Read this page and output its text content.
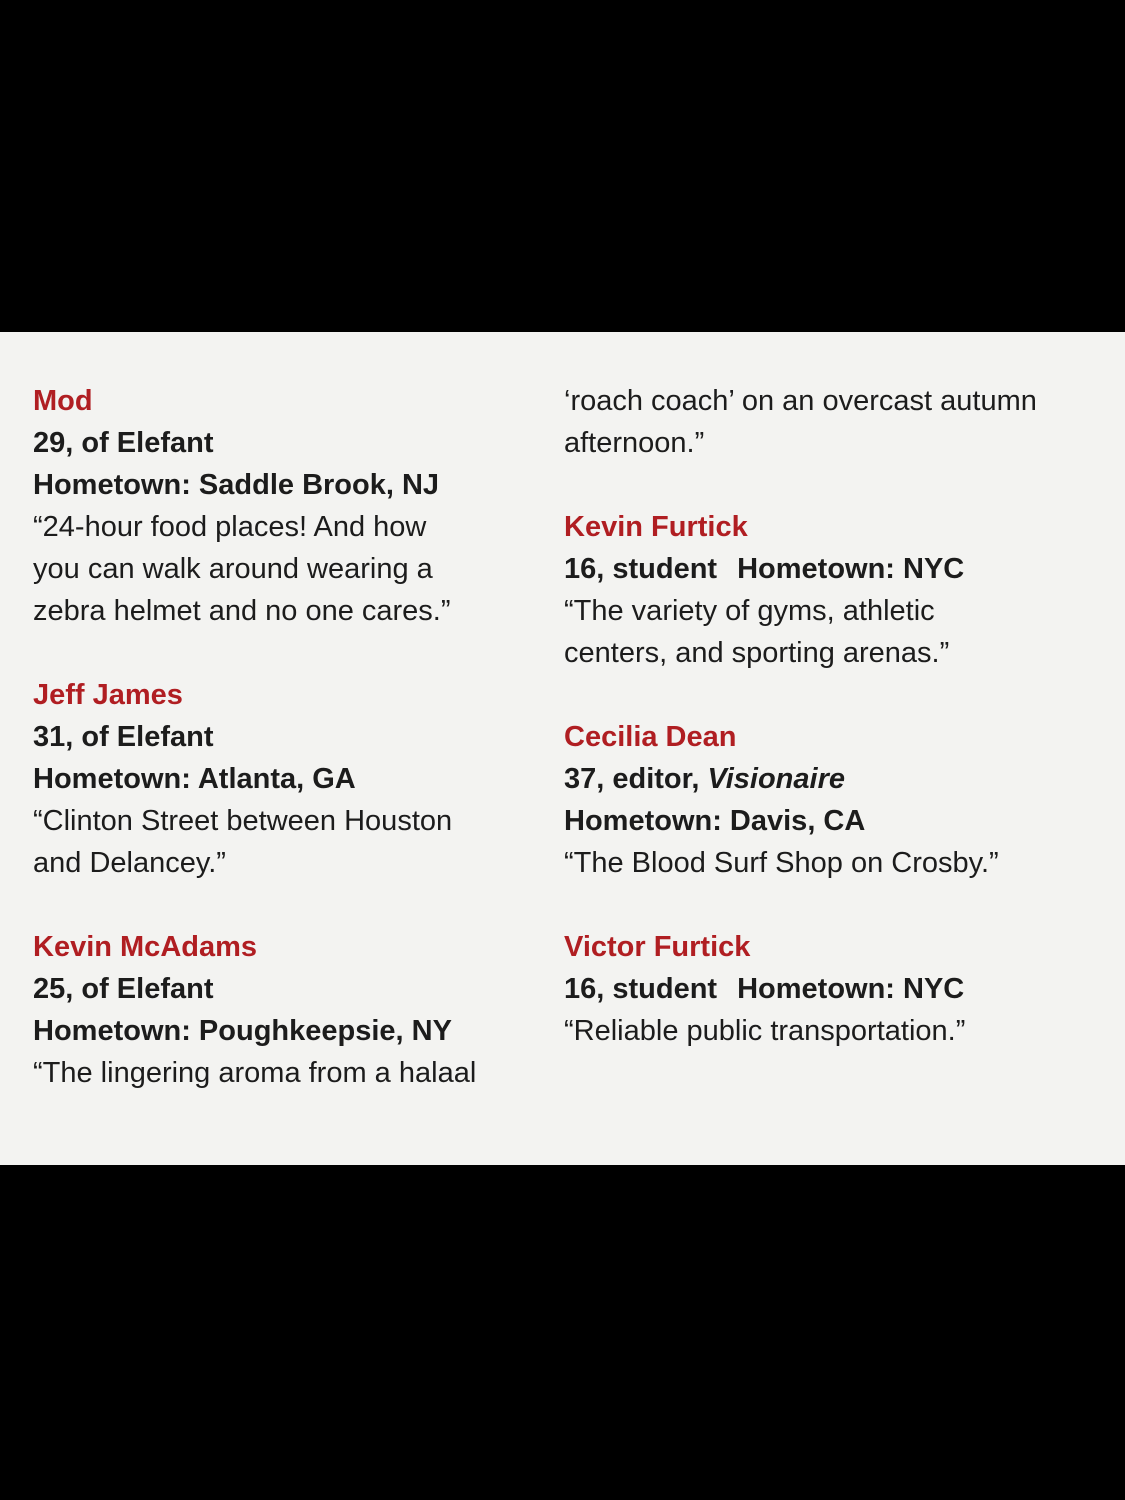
Mod
29, of Elefant
Hometown: Saddle Brook, NJ
“24-hour food places! And how
you can walk around wearing a
zebra helmet and no one cares.”
Jeff James
31, of Elefant
Hometown: Atlanta, GA
“Clinton Street between Houston
and Delancey.”
Kevin McAdams
25, of Elefant
Hometown: Poughkeepsie, NY
“The lingering aroma from a halaal
‘roach coach’ on an overcast autumn afternoon.”
Kevin Furtick
16, student Hometown: NYC
“The variety of gyms, athletic
centers, and sporting arenas.”
Cecilia Dean
37, editor, Visionaire
Hometown: Davis, CA
“The Blood Surf Shop on Crosby.”
Victor Furtick
16, student Hometown: NYC
“Reliable public transportation.”
